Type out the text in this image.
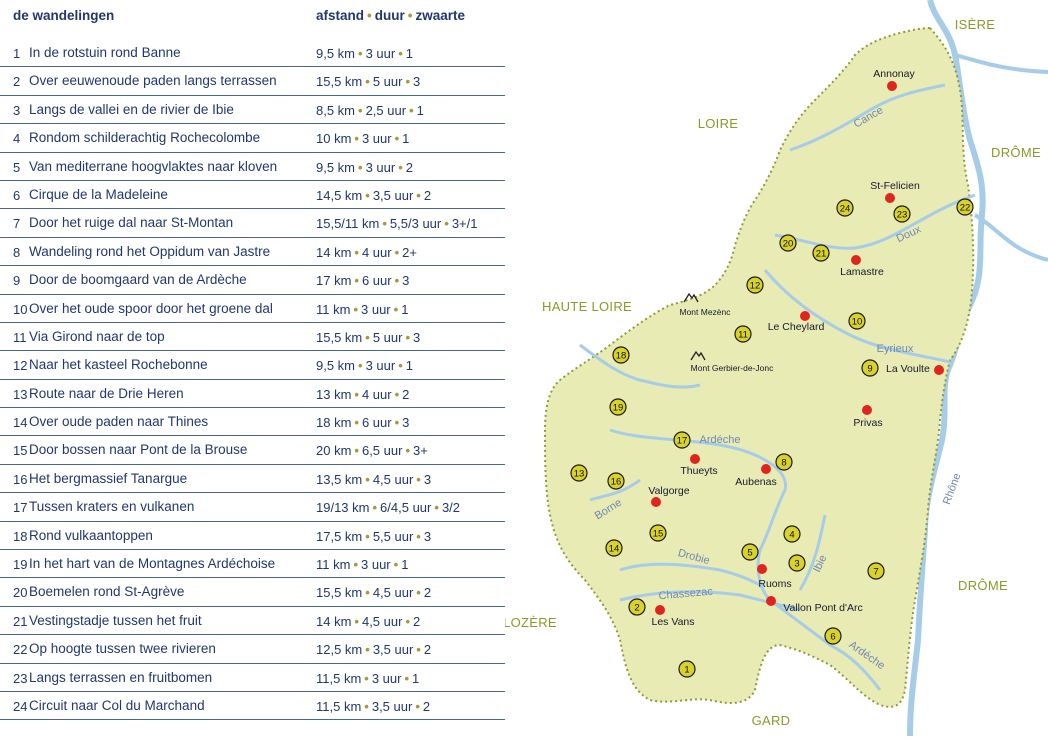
de wandelingen	afstand • duur • zwaarte
1 In de rotstuin rond Banne	9,5 km • 3 uur • 1
2 Over eeuwenoude paden langs terrassen	15,5 km • 5 uur • 3
3 Langs de vallei en de rivier de Ibie	8,5 km • 2,5 uur • 1
4 Rondom schilderachtig Rochecolombe	10 km • 3 uur • 1
5 Van mediterrane hoogvlaktes naar kloven	9,5 km • 3 uur • 2
6 Cirque de la Madeleine	14,5 km • 3,5 uur • 2
7 Door het ruige dal naar St-Montan	15,5/11 km • 5,5/3 uur • 3+/1
8 Wandeling rond het Oppidum van Jastre	14 km • 4 uur • 2+
9 Door de boomgaard van de Ardèche	17 km • 6 uur • 3
10 Over het oude spoor door het groene dal	11 km • 3 uur • 1
11 Via Girond naar de top	15,5 km • 5 uur • 3
12 Naar het kasteel Rochebonne	9,5 km • 3 uur • 1
13 Route naar de Drie Heren	13 km • 4 uur • 2
14 Over oude paden naar Thines	18 km • 6 uur • 3
15 Door bossen naar Pont de la Brouse	20 km • 6,5 uur • 3+
16 Het bergmassief Tanargue	13,5 km • 4,5 uur • 3
17 Tussen kraters en vulkanen	19/13 km • 6/4,5 uur • 3/2
18 Rond vulkaantoppen	17,5 km • 5,5 uur • 3
19 In het hart van de Montagnes Ardéchoise	11 km • 3 uur • 1
20 Boemelen rond St-Agrève	15,5 km • 4,5 uur • 2
21 Vestingstadje tussen het fruit	14 km • 4,5 uur • 2
22 Op hoogte tussen twee rivieren	12,5 km • 3,5 uur • 2
23 Langs terrassen en fruitbomen	11,5 km • 3 uur • 1
24 Circuit naar Col du Marchand	11,5 km • 3,5 uur • 2
ISÈRE
LOIRE
DRÔME
HAUTE LOIRE
DRÔME
LOZÈRE
GARD
Cance
Doux
Eyrieux
Rhône
Ardéche
Borne
Drobie	Ibie
Chassezac
Ardéche
Annonay
St-Felicien
Lamastre
Le Cheylard
La Voulte
Privas
Thueyts
Aubenas
Valgorge
Ruoms
Vallon Pont d'Arc
Les Vans
Mont Mezènc
Mont Gerbier-de-Jonc
1
2
3
4
5
6
7
8
9
10
11
12
13
14
15
16
17
18
19
20
21
22
23
24
